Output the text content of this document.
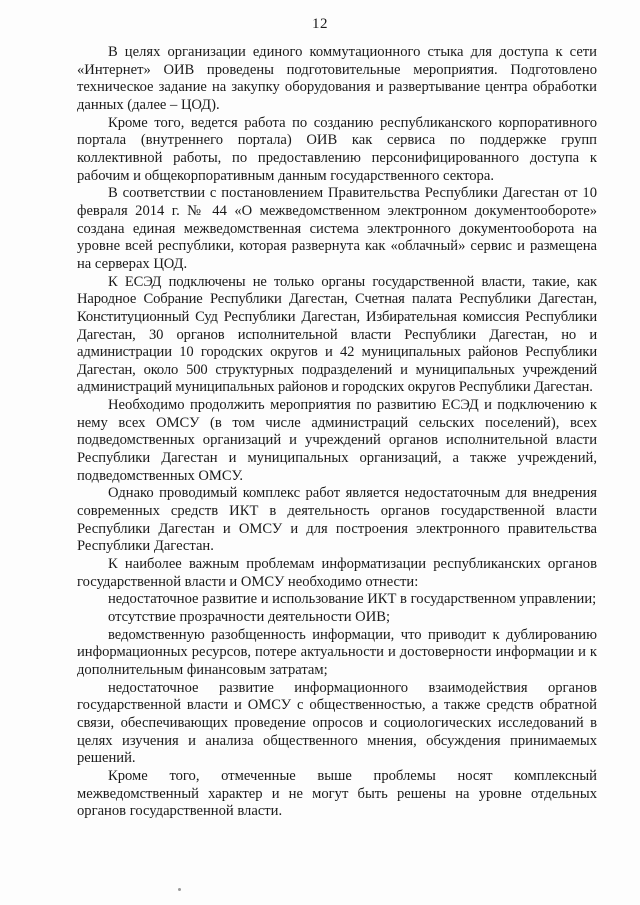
12

В целях организации единого коммутационного стыка для доступа к сети «Интернет» ОИВ проведены подготовительные мероприятия. Подготовлено техническое задание на закупку оборудования и развертывание центра обработки данных (далее – ЦОД).

Кроме того, ведется работа по созданию республиканского корпоративного портала (внутреннего портала) ОИВ как сервиса по поддержке групп коллективной работы, по предоставлению персонифицированного доступа к рабочим и общекорпоративным данным государственного сектора.

В соответствии с постановлением Правительства Республики Дагестан от 10 февраля 2014 г. № 44 «О межведомственном электронном документообороте» создана единая межведомственная система электронного документооборота на уровне всей республики, которая развернута как «облачный» сервис и размещена на серверах ЦОД.

К ЕСЭД подключены не только органы государственной власти, такие, как Народное Собрание Республики Дагестан, Счетная палата Республики Дагестан, Конституционный Суд Республики Дагестан, Избирательная комиссия Республики Дагестан, 30 органов исполнительной власти Республики Дагестан, но и администрации 10 городских округов и 42 муниципальных районов Республики Дагестан, около 500 структурных подразделений и муниципальных учреждений администраций муниципальных районов и городских округов Республики Дагестан.

Необходимо продолжить мероприятия по развитию ЕСЭД и подключению к нему всех ОМСУ (в том числе администраций сельских поселений), всех подведомственных организаций и учреждений органов исполнительной власти Республики Дагестан и муниципальных организаций, а также учреждений, подведомственных ОМСУ.

Однако проводимый комплекс работ является недостаточным для внедрения современных средств ИКТ в деятельность органов государственной власти Республики Дагестан и ОМСУ и для построения электронного правительства Республики Дагестан.

К наиболее важным проблемам информатизации республиканских органов государственной власти и ОМСУ необходимо отнести:

недостаточное развитие и использование ИКТ в государственном управлении;

отсутствие прозрачности деятельности ОИВ;

ведомственную разобщенность информации, что приводит к дублированию информационных ресурсов, потере актуальности и достоверности информации и к дополнительным финансовым затратам;

недостаточное развитие информационного взаимодействия органов государственной власти и ОМСУ с общественностью, а также средств обратной связи, обеспечивающих проведение опросов и социологических исследований в целях изучения и анализа общественного мнения, обсуждения принимаемых решений.

Кроме того, отмеченные выше проблемы носят комплексный межведомственный характер и не могут быть решены на уровне отдельных органов государственной власти.
